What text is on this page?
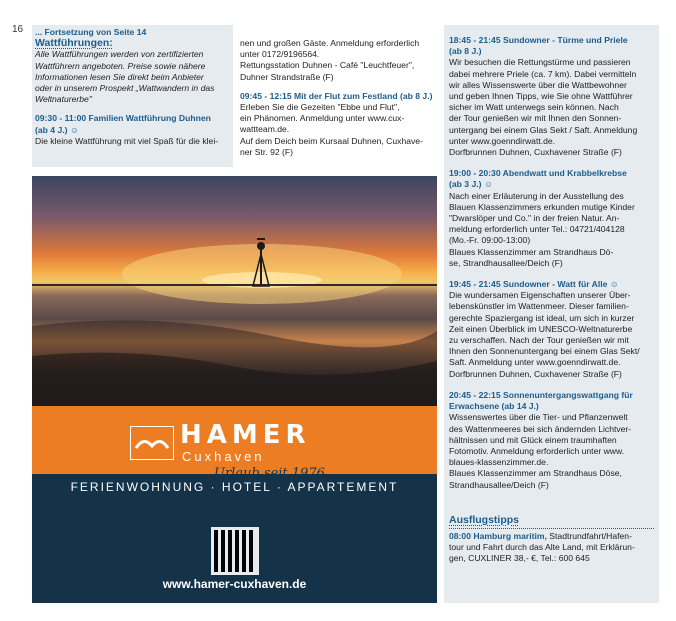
16 ... Fortsetzung von Seite 14

Wattführungen:

Alle Wattführungen werden von zertifizierten

Wattführern angeboten. Preise sowie nähere

Informationen lesen Sie direkt beim Anbieter

oder in unserem Prospekt „Wattwandern in das

Weltnaturerbe"

09:30 - 11:00 Familien Wattführung Duhnen

(ab 4 J.) ☺

Die kleine Wattführung mit viel Spaß für die klei-

nen und großen Gäste. Anmeldung erforderlich

unter 0172/9196564.

Rettungsstation Duhnen - Café "Leuchtfeuer",

Duhner Strandstraße (F)

09:45 - 12:15 Mit der Flut zum Festland (ab 8 J.)

Erleben Sie die Gezeiten "Ebbe und Flut",

ein Phänomen. Anmeldung unter www.cux-

wattteam.de.

Auf dem Deich beim Kursaal Duhnen, Cuxhave-

ner Str. 92 (F)

18:45 - 21:45 Sundowner - Türme und Priele

(ab 8 J.)

Wir besuchen die Rettungstürme und passieren

dabei mehrere Priele (ca. 7 km). Dabei vermitteln

wir alles Wissenswerte über die Wattbewohner

und geben Ihnen Tipps, wie Sie ohne Wattführer

sicher im Watt unterwegs sein können. Nach

der Tour genießen wir mit Ihnen den Sonnen-

untergang bei einem Glas Sekt / Saft. Anmeldung

unter www.goenndirwatt.de.

Dorfbrunnen Duhnen, Cuxhavener Straße (F)

19:00 - 20:30 Abendwatt und Krabbelkrebse

(ab 3 J.) ☺

Nach einer Erläuterung in der Ausstellung des

Blauen Klassenzimmers erkunden mutige Kinder

"Dwarslöper und Co." in der freien Natur. An-

meldung erforderlich unter Tel.: 04721/404128

(Mo.-Fr. 09:00-13:00)

Blaues Klassenzimmer am Strandhaus Dö-

se, Strandhausallee/Deich (F)

19:45 - 21:45 Sundowner - Watt für Alle ☺

Die wundersamen Eigenschaften unserer Über-

lebenskünstler im Wattenmeer. Dieser familien-

gerechte Spaziergang ist ideal, um sich in kurzer

Zeit einen Überblick im UNESCO-Weltnaturerbe

zu verschaffen. Nach der Tour genießen wir mit

Ihnen den Sonnenuntergang bei einem Glas Sekt/

Saft. Anmeldung unter www.goenndirwatt.de.

Dorfbrunnen Duhnen, Cuxhavener Straße (F)

20:45 - 22:15 Sonnenuntergangswattgang für

Erwachsene (ab 14 J.)

Wissenswertes über die Tier- und Pflanzenwelt

des Wattenmeeres bei sich ändernden Lichtver-

hältnissen und mit Glück einem traumhaften

Fotomotiv. Anmeldung erforderlich unter www.

blaues-klassenzimmer.de.

Blaues Klassenzimmer am Strandhaus Döse,

Strandhausallee/Deich (F)

Ausflugstipps

08:00 Hamburg maritim, Stadtrundfahrt/Hafen-

tour und Fahrt durch das Alte Land, mit Erklärun-

gen, CUXLINER 38,- €, Tel.: 600 645

HAMER
Cuxhaven
FERIENWOHNUNG · HOTEL · APPARTEMENT
www.hamer-cuxhaven.de
